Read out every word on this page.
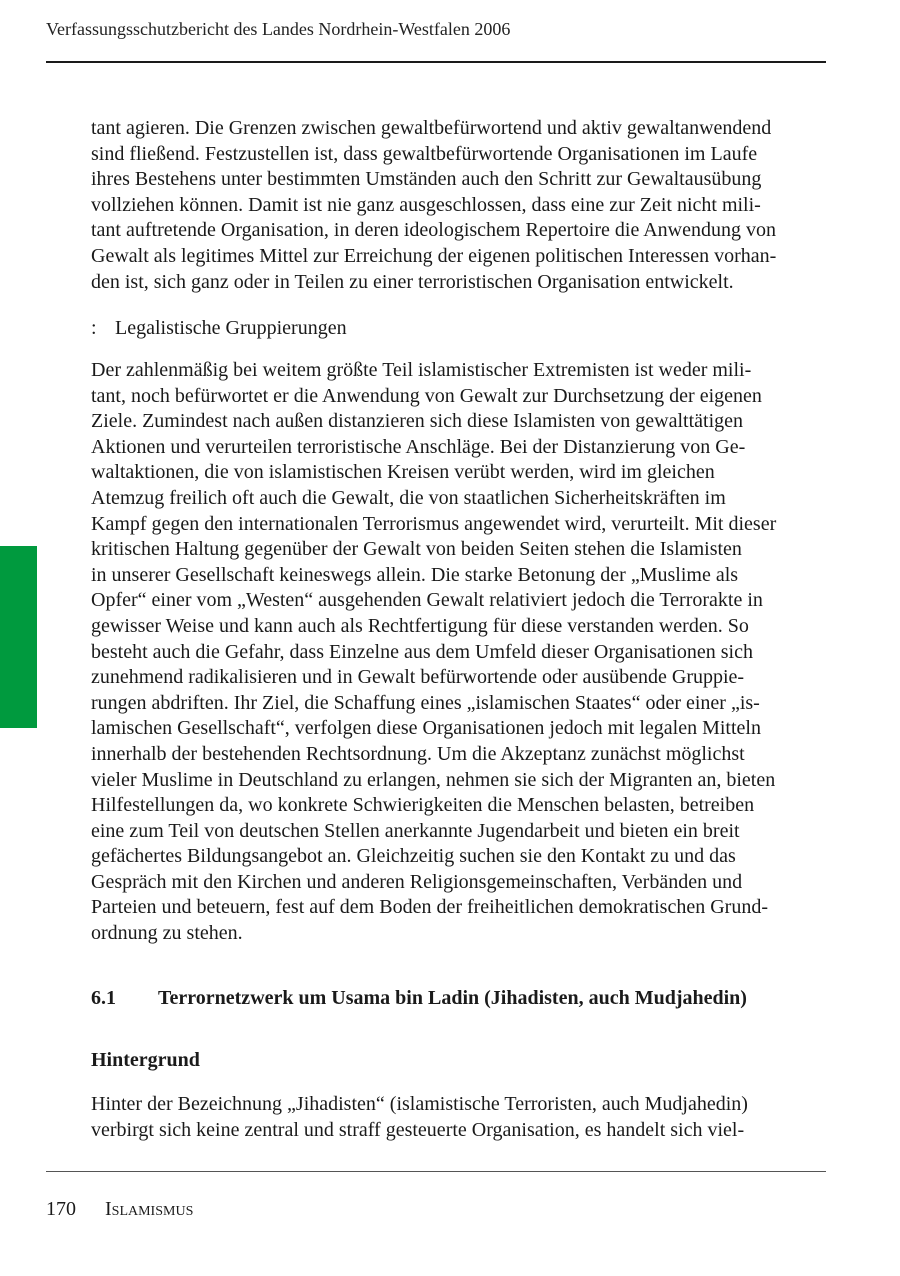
Verfassungsschutzbericht des Landes Nordrhein-Westfalen 2006
tant agieren. Die Grenzen zwischen gewaltbefürwortend und aktiv gewaltanwendend
sind fließend. Festzustellen ist, dass gewaltbefürwortende Organisationen im Laufe
ihres Bestehens unter bestimmten Umständen auch den Schritt zur Gewaltausübung
vollziehen können. Damit ist nie ganz ausgeschlossen, dass eine zur Zeit nicht mili-
tant auftretende Organisation, in deren ideologischem Repertoire die Anwendung von
Gewalt als legitimes Mittel zur Erreichung der eigenen politischen Interessen vorhan-
den ist, sich ganz oder in Teilen zu einer terroristischen Organisation entwickelt.
: Legalistische Gruppierungen
Der zahlenmäßig bei weitem größte Teil islamistischer Extremisten ist weder mili-
tant, noch befürwortet er die Anwendung von Gewalt zur Durchsetzung der eigenen
Ziele. Zumindest nach außen distanzieren sich diese Islamisten von gewalttätigen
Aktionen und verurteilen terroristische Anschläge. Bei der Distanzierung von Ge-
waltaktionen, die von islamistischen Kreisen verübt werden, wird im gleichen
Atemzug freilich oft auch die Gewalt, die von staatlichen Sicherheitskräften im
Kampf gegen den internationalen Terrorismus angewendet wird, verurteilt. Mit dieser
kritischen Haltung gegenüber der Gewalt von beiden Seiten stehen die Islamisten
in unserer Gesellschaft keineswegs allein. Die starke Betonung der „Muslime als
Opfer“ einer vom „Westen“ ausgehenden Gewalt relativiert jedoch die Terrorakte in
gewisser Weise und kann auch als Rechtfertigung für diese verstanden werden. So
besteht auch die Gefahr, dass Einzelne aus dem Umfeld dieser Organisationen sich
zunehmend radikalisieren und in Gewalt befürwortende oder ausübende Gruppie-
rungen abdriften. Ihr Ziel, die Schaffung eines „islamischen Staates“ oder einer „is-
lamischen Gesellschaft“, verfolgen diese Organisationen jedoch mit legalen Mitteln
innerhalb der bestehenden Rechtsordnung. Um die Akzeptanz zunächst möglichst
vieler Muslime in Deutschland zu erlangen, nehmen sie sich der Migranten an, bieten
Hilfestellungen da, wo konkrete Schwierigkeiten die Menschen belasten, betreiben
eine zum Teil von deutschen Stellen anerkannte Jugendarbeit und bieten ein breit
gefächertes Bildungsangebot an. Gleichzeitig suchen sie den Kontakt zu und das
Gespräch mit den Kirchen und anderen Religionsgemeinschaften, Verbänden und
Parteien und beteuern, fest auf dem Boden der freiheitlichen demokratischen Grund-
ordnung zu stehen.
6.1 Terrornetzwerk um Usama bin Ladin (Jihadisten, auch Mudjahedin)
Hintergrund
Hinter der Bezeichnung „Jihadisten“ (islamistische Terroristen, auch Mudjahedin)
verbirgt sich keine zentral und straff gesteuerte Organisation, es handelt sich viel-
170 Islamismus
